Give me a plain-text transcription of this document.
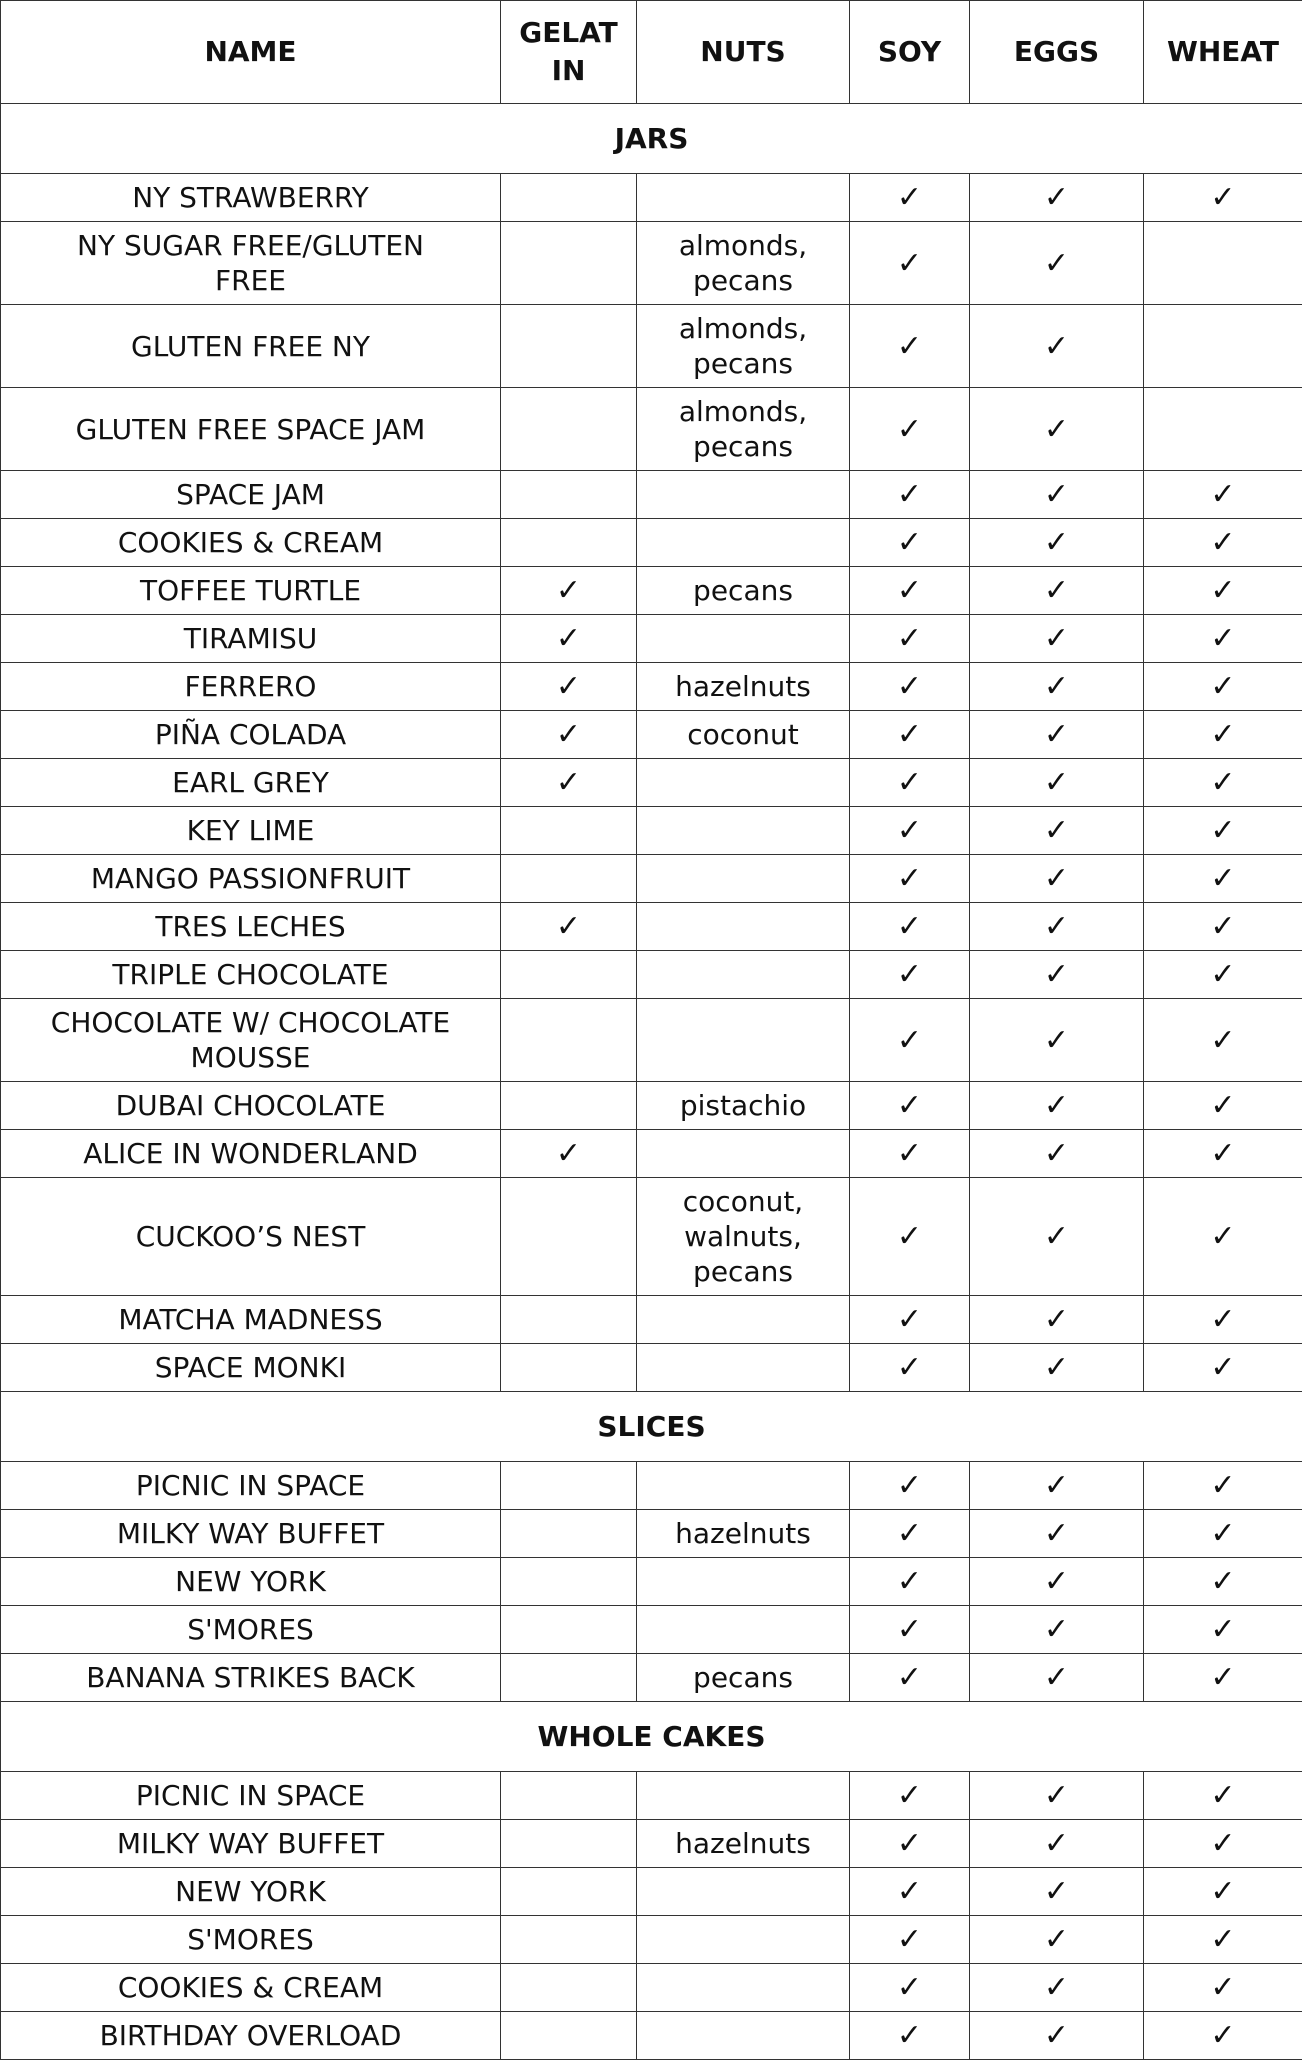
NAME	GELAT IN	NUTS	SOY	EGGS	WHEAT
JARS					
NY STRAWBERRY			✓	✓	✓
NY SUGAR FREE/GLUTEN FREE		almonds, pecans	✓	✓	
GLUTEN FREE NY		almonds, pecans	✓	✓	
GLUTEN FREE SPACE JAM		almonds, pecans	✓	✓	
SPACE JAM			✓	✓	✓
COOKIES & CREAM			✓	✓	✓
TOFFEE TURTLE	✓	pecans	✓	✓	✓
TIRAMISU	✓		✓	✓	✓
FERRERO	✓	hazelnuts	✓	✓	✓
PIÑA COLADA	✓	coconut	✓	✓	✓
EARL GREY	✓		✓	✓	✓
KEY LIME			✓	✓	✓
MANGO PASSIONFRUIT			✓	✓	✓
TRES LECHES	✓		✓	✓	✓
TRIPLE CHOCOLATE			✓	✓	✓
CHOCOLATE W/ CHOCOLATE MOUSSE			✓	✓	✓
DUBAI CHOCOLATE		pistachio	✓	✓	✓
ALICE IN WONDERLAND	✓		✓	✓	✓
CUCKOO’S NEST		coconut, walnuts, pecans	✓	✓	✓
MATCHA MADNESS			✓	✓	✓
SPACE MONKI			✓	✓	✓
SLICES					
PICNIC IN SPACE			✓	✓	✓
MILKY WAY BUFFET		hazelnuts	✓	✓	✓
NEW YORK			✓	✓	✓
S'MORES			✓	✓	✓
BANANA STRIKES BACK		pecans	✓	✓	✓
WHOLE CAKES					
PICNIC IN SPACE			✓	✓	✓
MILKY WAY BUFFET		hazelnuts	✓	✓	✓
NEW YORK			✓	✓	✓
S'MORES			✓	✓	✓
COOKIES & CREAM			✓	✓	✓
BIRTHDAY OVERLOAD			✓	✓	✓
